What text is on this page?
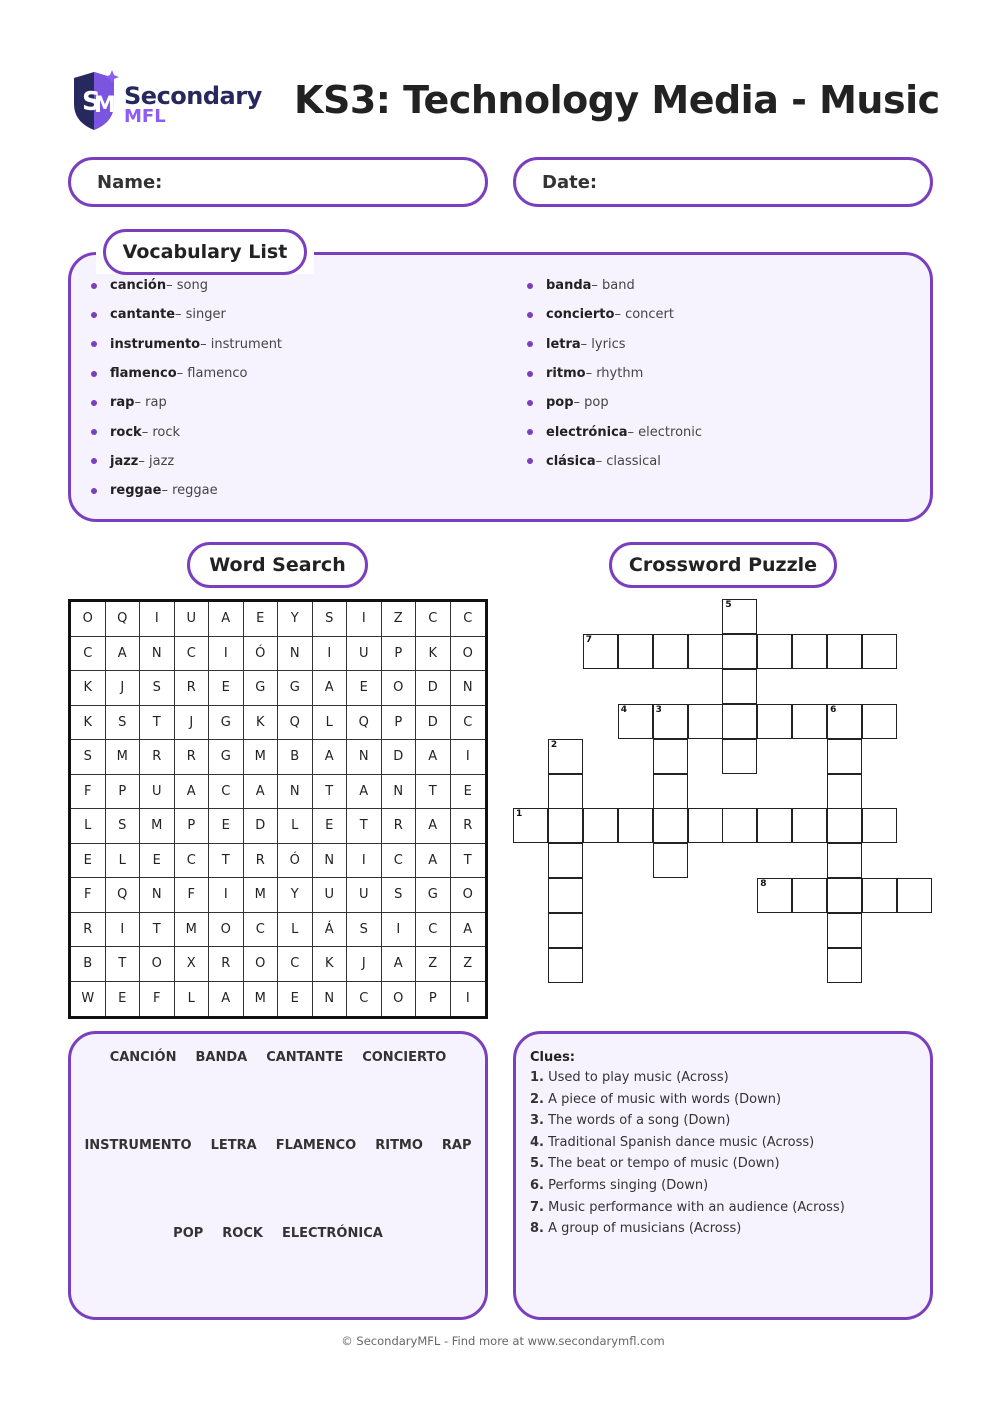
S
M Secondary
MFL	KS3: Technology Media - Music
Name:	Date:
Vocabulary List
canción – song
cantante – singer
instrumento – instrument
flamenco – flamenco
rap – rap
rock – rock
jazz – jazz
reggae – reggae
banda – band
concierto – concert
letra – lyrics
ritmo – rhythm
pop – pop
electrónica – electronic
clásica – classical
Word Search	Crossword Puzzle
O	Q	I	U	A	E	Y	S	I	Z	C	C
C	A	N	C	I	Ó	N	I	U	P	K	O
K	J	S	R	E	G	G	A	E	O	D	N
K	S	T	J	G	K	Q	L	Q	P	D	C
S	M	R	R	G	M	B	A	N	D	A	I
F	P	U	A	C	A	N	T	A	N	T	E
L	S	M	P	E	D	L	E	T	R	A	R
E	L	E	C	T	R	Ó	N	I	C	A	T
F	Q	N	F	I	M	Y	U	U	S	G	O
R	I	T	M	O	C	L	Á	S	I	C	A
B	T	O	X	R	O	C	K	J	A	Z	Z
W	E	F	L	A	M	E	N	C	O	P	I
5
7
4	3	6
2
1
8
CANCIÓN BANDA CANTANTE CONCIERTO
INSTRUMENTO LETRA FLAMENCO RITMO RAP
POP ROCK ELECTRÓNICA
Clues:
1. Used to play music (Across)
2. A piece of music with words (Down)
3. The words of a song (Down)
4. Traditional Spanish dance music (Across)
5. The beat or tempo of music (Down)
6. Performs singing (Down)
7. Music performance with an audience (Across)
8. A group of musicians (Across)
© SecondaryMFL - Find more at www.secondarymfl.com
